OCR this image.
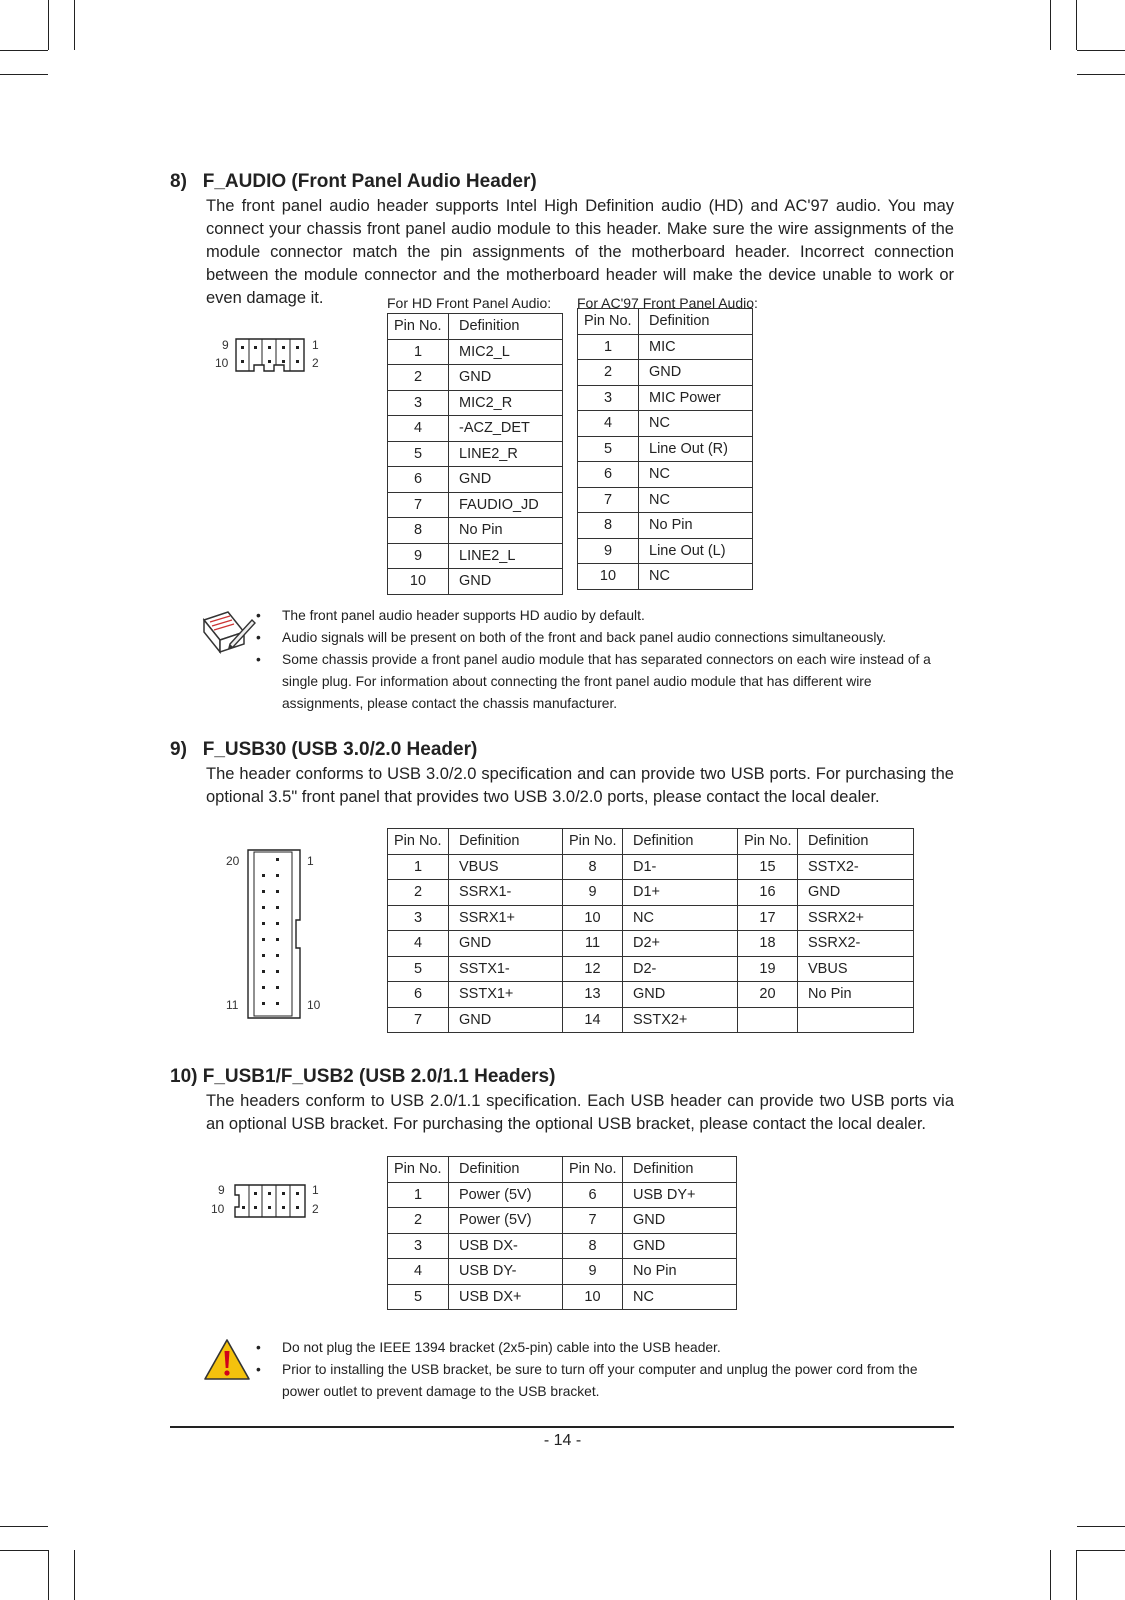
8)   F_AUDIO (Front Panel Audio Header)

The front panel audio header supports Intel High Definition audio (HD) and AC'97 audio. You may connect your chassis front panel audio module to this header. Make sure the wire assignments of the module connector match the pin assignments of the motherboard header. Incorrect connection between the module connector and the motherboard header will make the device unable to work or even damage it.

9
10
1
2
For HD Front Panel Audio: For AC'97 Front Panel Audio:
Pin No.	Definition
1	MIC2_L
2	GND
3	MIC2_R
4	-ACZ_DET
5	LINE2_R
6	GND
7	FAUDIO_JD
8	No Pin
9	LINE2_L
10	GND
Pin No.	Definition
1	MIC
2	GND
3	MIC Power
4	NC
5	Line Out (R)
6	NC
7	NC
8	No Pin
9	Line Out (L)
10	NC
• The front panel audio header supports HD audio by default.
• Audio signals will be present on both of the front and back panel audio connections simultaneously.
• Some chassis provide a front panel audio module that has separated connectors on each wire instead of a single plug. For information about connecting the front panel audio module that has different wire assignments, please contact the chassis manufacturer.
9)   F_USB30 (USB 3.0/2.0 Header)

The header conforms to USB 3.0/2.0 specification and can provide two USB ports. For purchasing the optional 3.5" front panel that provides two USB 3.0/2.0 ports, please contact the local dealer.

20	1
11	10
Pin No.	Definition	Pin No.	Definition	Pin No.	Definition
1	VBUS	8	D1-	15	SSTX2-
2	SSRX1-	9	D1+	16	GND
3	SSRX1+	10	NC	17	SSRX2+
4	GND	11	D2+	18	SSRX2-
5	SSTX1-	12	D2-	19	VBUS
6	SSTX1+	13	GND	20	No Pin
7	GND	14	SSTX2+		
10) F_USB1/F_USB2 (USB 2.0/1.1 Headers)

The headers conform to USB 2.0/1.1 specification. Each USB header can provide two USB ports via an optional USB bracket. For purchasing the optional USB bracket, please contact the local dealer.

9
10
1
2
Pin No.	Definition	Pin No.	Definition
1	Power (5V)	6	USB DY+
2	Power (5V)	7	GND
3	USB DX-	8	GND
4	USB DY-	9	No Pin
5	USB DX+	10	NC
• Do not plug the IEEE 1394 bracket (2x5-pin) cable into the USB header.
• Prior to installing the USB bracket, be sure to turn off your computer and unplug the power cord from the power outlet to prevent damage to the USB bracket.
- 14 -
